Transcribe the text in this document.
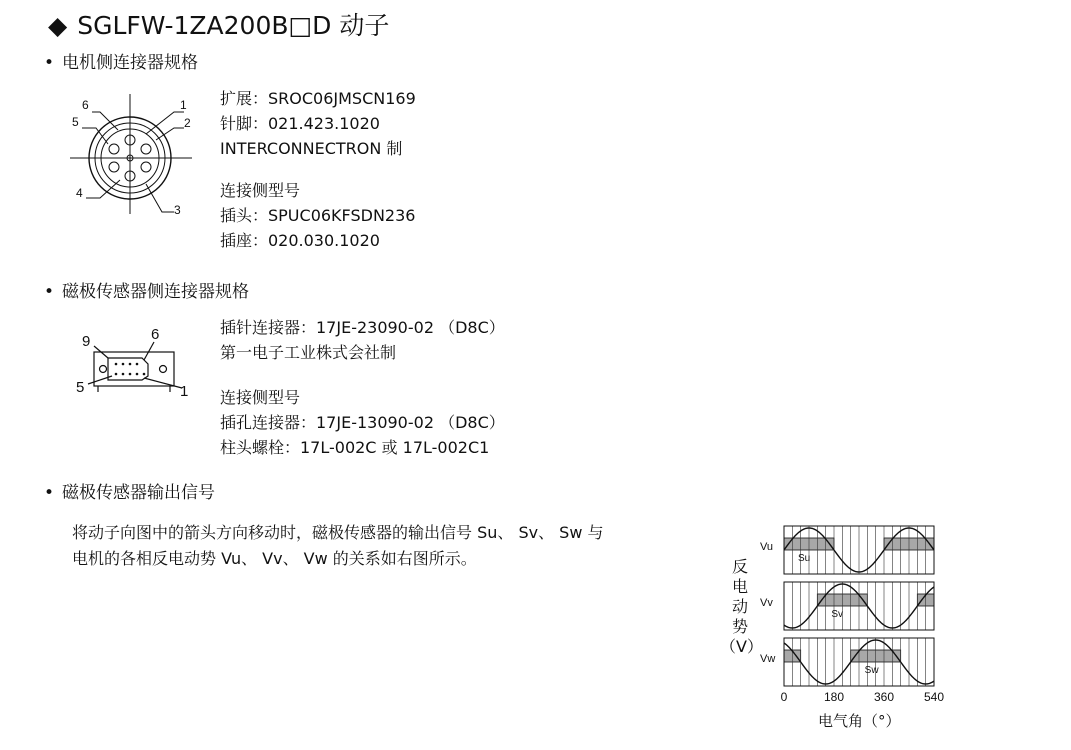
◆ SGLFW-1ZA200B□D 动子
• 电机侧连接器规格
6	1
5	2
4
3
扩展：SROC06JMSCN169
针脚：021.423.1020
INTERCONNECTRON 制
连接侧型号
插头：SPUC06KFSDN236
插座：020.030.1020
• 磁极传感器侧连接器规格
9	6
5	1
插针连接器：17JE-23090-02 （D8C）
第一电子工业株式会社制
连接侧型号
插孔连接器：17JE-13090-02 （D8C）
柱头螺栓：17L-002C 或 17L-002C1
• 磁极传感器输出信号
将动子向图中的箭头方向移动时，磁极传感器的输出信号 Su、 Sv、 Sw 与
电机的各相反电动势 Vu、 Vv、 Vw 的关系如右图所示。	反
电
动
势
（V）
Vu
Su
Vv
Sv
Vw
Sw
0	180 360 540
电气角（°）
